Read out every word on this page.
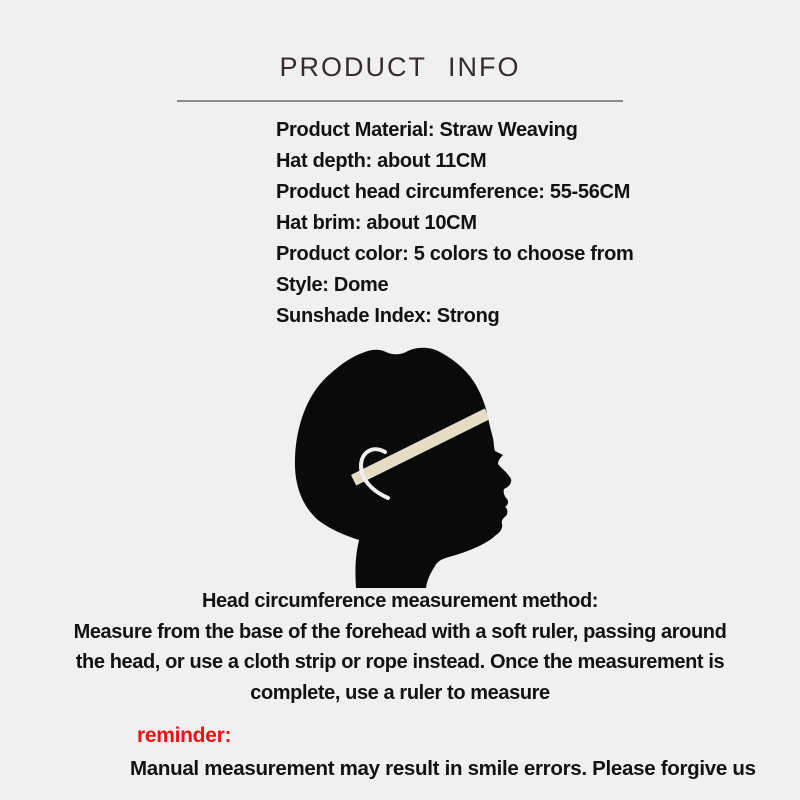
PRODUCT INFO
Product Material: Straw Weaving
Hat depth: about 11CM
Product head circumference: 55-56CM
Hat brim: about 10CM
Product color: 5 colors to choose from
Style: Dome
Sunshade Index: Strong
Head circumference measurement method:
Measure from the base of the forehead with a soft ruler, passing around
the head, or use a cloth strip or rope instead. Once the measurement is
complete, use a ruler to measure
reminder:
Manual measurement may result in smile errors. Please forgive us
